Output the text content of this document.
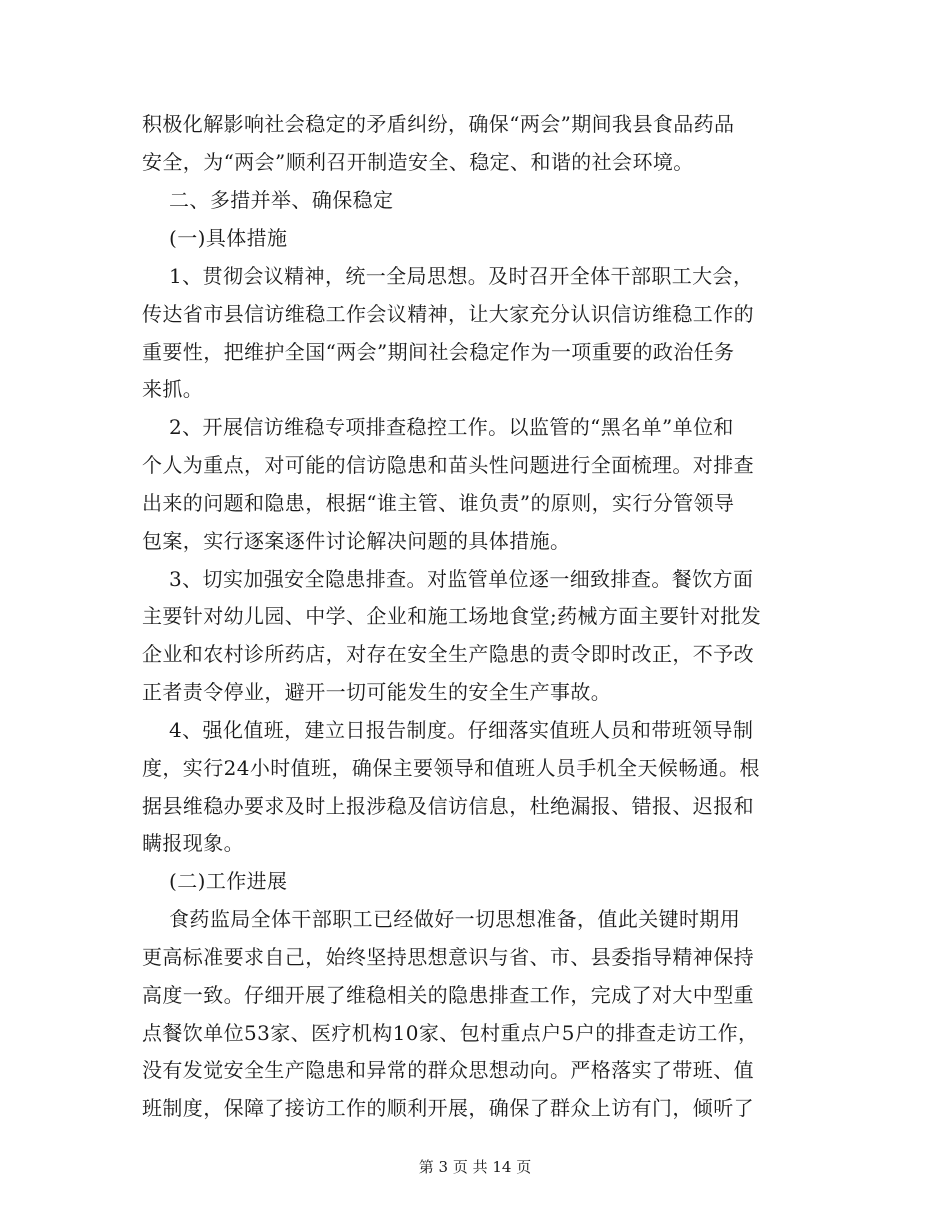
积极化解影响社会稳定的矛盾纠纷，确保“两会”期间我县食品药品
安全，为“两会”顺利召开制造安全、稳定、和谐的社会环境。
二、多措并举、确保稳定
(一)具体措施
1、贯彻会议精神，统一全局思想。及时召开全体干部职工大会，
传达省市县信访维稳工作会议精神，让大家充分认识信访维稳工作的
重要性，把维护全国“两会”期间社会稳定作为一项重要的政治任务
来抓。
2、开展信访维稳专项排查稳控工作。以监管的“黑名单”单位和
个人为重点，对可能的信访隐患和苗头性问题进行全面梳理。对排查
出来的问题和隐患，根据“谁主管、谁负责”的原则，实行分管领导
包案，实行逐案逐件讨论解决问题的具体措施。
3、切实加强安全隐患排查。对监管单位逐一细致排查。餐饮方面
主要针对幼儿园、中学、企业和施工场地食堂;药械方面主要针对批发
企业和农村诊所药店，对存在安全生产隐患的责令即时改正，不予改
正者责令停业，避开一切可能发生的安全生产事故。
4、强化值班，建立日报告制度。仔细落实值班人员和带班领导制
度，实行24小时值班，确保主要领导和值班人员手机全天候畅通。根
据县维稳办要求及时上报涉稳及信访信息，杜绝漏报、错报、迟报和
瞒报现象。
(二)工作进展
食药监局全体干部职工已经做好一切思想准备，值此关键时期用
更高标准要求自己，始终坚持思想意识与省、市、县委指导精神保持
高度一致。仔细开展了维稳相关的隐患排查工作，完成了对大中型重
点餐饮单位53家、医疗机构10家、包村重点户5户的排查走访工作，
没有发觉安全生产隐患和异常的群众思想动向。严格落实了带班、值
班制度，保障了接访工作的顺利开展，确保了群众上访有门，倾听了
第 3 页 共 14 页
